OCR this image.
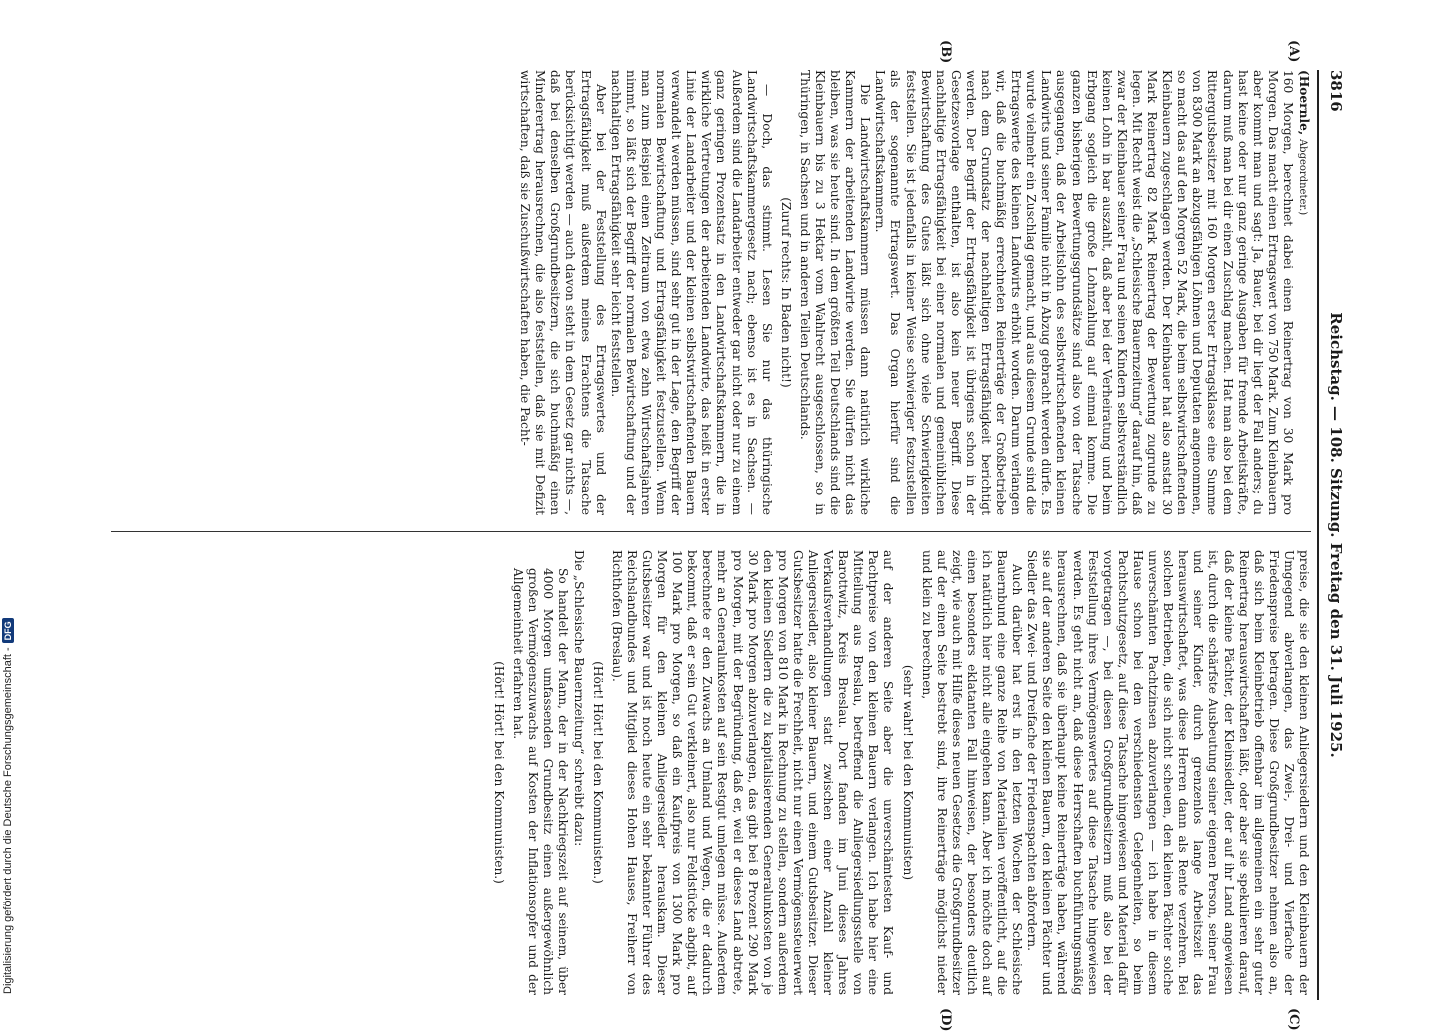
3816
Reichstag. — 108. Sitzung. Freitag den 31. Juli 1925.
(A)
(B)
(C)
(D)

(Hoernle, Abgeordneter.)

160 Morgen, berechnet dabei einen Reinertrag von 30 Mark pro Morgen. Das macht einen Ertragswert von 750 Mark. Zum Kleinbauern aber kommt man und sagt: Ja, Bauer, bei dir liegt der Fall anders; du hast keine oder nur ganz geringe Ausgaben für fremde Arbeitskräfte, darum muß man bei dir einen Zuschlag machen. Hat man also bei dem Rittergutsbesitzer mit 160 Morgen erster Ertragsklasse eine Summe von 8300 Mark an abzugsfähigen Löhnen und Deputaten angenommen, so macht das auf den Morgen 52 Mark, die beim selbstwirtschaftenden Kleinbauern zugeschlagen werden. Der Kleinbauer hat also anstatt 30 Mark Reinertrag 82 Mark Reinertrag der Bewertung zugrunde zu legen. Mit Recht weist die „Schlesische Bauernzeitung“ darauf hin, daß zwar der Kleinbauer seiner Frau und seinen Kindern selbstverständlich keinen Lohn in bar auszahlt, daß aber bei der Verheiratung und beim Erbgang sogleich die große Lohnzahlung auf einmal komme. Die ganzen bisherigen Bewertungsgrundsätze sind also von der Tatsache ausgegangen, daß der Arbeitslohn des selbstwirtschaftenden kleinen Landwirts und seiner Familie nicht in Abzug gebracht werden dürfe. Es wurde vielmehr ein Zuschlag gemacht, und aus diesem Grunde sind die Ertragswerte des kleinen Landwirts erhöht worden. Darum verlangen wir, daß die buchmäßig errechneten Reinerträge der Großbetriebe nach dem Grundsatz der nachhaltigen Ertragsfähigkeit berichtigt werden. Der Begriff der Ertragsfähigkeit ist übrigens schon in der Gesetzesvorlage enthalten, ist also kein neuer Begriff. Diese nachhaltige Ertragsfähigkeit bei einer normalen und gemeinüblichen Bewirtschaftung des Gutes läßt sich ohne viele Schwierigkeiten feststellen. Sie ist jedenfalls in keiner Weise schwieriger festzustellen als der sogenannte Ertragswert. Das Organ hierfür sind die Landwirtschaftskammern.

Die Landwirtschaftskammern müssen dann natürlich wirkliche Kammern der arbeitenden Landwirte werden. Sie dürfen nicht das bleiben, was sie heute sind. In dem größten Teil Deutschlands sind die Kleinbauern bis zu 3 Hektar vom Wahlrecht ausgeschlossen, so in Thüringen, in Sachsen und in anderen Teilen Deutschlands.

(Zuruf rechts: In Baden nicht!)

— Doch, das stimmt. Lesen Sie nur das thüringische Landwirtschaftskammergesetz nach; ebenso ist es in Sachsen. — Außerdem sind die Landarbeiter entweder gar nicht oder nur zu einem ganz geringen Prozentsatz in den Landwirtschaftskammern, die in wirkliche Vertretungen der arbeitenden Landwirte, das heißt in erster Linie der Landarbeiter und der kleinen selbstwirtschaftenden Bauern verwandelt werden müssen, sind sehr gut in der Lage, den Begriff der normalen Bewirtschaftung und Ertragsfähigkeit festzustellen. Wenn man zum Beispiel einen Zeitraum von etwa zehn Wirtschaftsjahren nimmt, so läßt sich der Begriff der normalen Bewirtschaftung und der nachhaltigen Ertragsfähigkeit sehr leicht feststellen.

Aber bei der Feststellung des Ertragswertes und der Ertragsfähigkeit muß außerdem meines Erachtens die Tatsache berücksichtigt werden — auch davon steht in dem Gesetz gar nichts —, daß bei denselben Großgrundbesitzern, die sich buchmäßig einen Minderertrag herausrechnen, die also feststellen, daß sie mit Defizit wirtschaften, daß sie Zuschußwirtschaften haben, die Pacht-

preise, die sie den kleinen Anliegersiedlern und den Kleinbauern der Umgegend abverlangen, das Zwei-, Drei- und Vierfache der Friedenspreise betragen. Diese Großgrundbesitzer nehmen also an, daß sich beim Kleinbetrieb offenbar im allgemeinen ein sehr guter Reinertrag herauswirtschaften läßt, oder aber sie spekulieren darauf, daß der kleine Pächter, der Kleinsiedler, der auf ihr Land angewiesen ist, durch die schärfste Ausbeutung seiner eigenen Person, seiner Frau und seiner Kinder, durch grenzenlos lange Arbeitszeit das herauswirtschaftet, was diese Herren dann als Rente verzehren. Bei solchen Betrieben, die sich nicht scheuen, den kleinen Pächter solche unverschämten Pachtzinsen abzuverlangen — ich habe in diesem Hause schon bei den verschiedensten Gelegenheiten, so beim Pachtschutzgesetz, auf diese Tatsache hingewiesen und Material dafür vorgetragen —, bei diesen Großgrundbesitzern muß also bei der Feststellung ihres Vermögenswertes auf diese Tatsache hingewiesen werden. Es geht nicht an, daß diese Herrschaften buchführungsmäßig herausrechnen, daß sie überhaupt keine Reinerträge haben, während sie auf der anderen Seite den kleinen Bauern, den kleinen Pächter und Siedler das Zwei- und Dreifache der Friedenspachten abfordern.

Auch darüber hat erst in den letzten Wochen der Schlesische Bauernbund eine ganze Reihe von Materialien veröffentlicht, auf die ich natürlich hier nicht alle eingehen kann. Aber ich möchte doch auf einen besonders eklatanten Fall hinweisen, der besonders deutlich zeigt, wie auch mit Hilfe dieses neuen Gesetzes die Großgrundbesitzer auf der einen Seite bestrebt sind, ihre Reinerträge möglichst nieder und klein zu berechnen,

(sehr wahr! bei den Kommunisten)

auf der anderen Seite aber die unverschämtesten Kauf- und Pachtpreise von den kleinen Bauern verlangen. Ich habe hier eine Mitteilung aus Breslau, betreffend die Anliegersiedlungsstelle von Barottwitz, Kreis Breslau. Dort fanden im Juni dieses Jahres Verkaufsverhandlungen statt zwischen einer Anzahl kleiner Anliegersiedler, also kleiner Bauern, und einem Gutsbesitzer. Dieser Gutsbesitzer hatte die Frechheit, nicht nur einen Vermögenssteuerwert pro Morgen von 810 Mark in Rechnung zu stellen, sondern außerdem den kleinen Siedlern die zu kapitalisierenden Generalunkosten von je 30 Mark pro Morgen abzuverlangen, das gibt bei 8 Prozent 290 Mark pro Morgen, mit der Begründung, daß er, weil er dieses Land abtrete, mehr an Generalunkosten auf sein Restgut umlegen müsse. Außerdem berechnete er den Zuwachs an Umland und Wegen, die er dadurch bekommt, daß er sein Gut verkleinert, also nur Feldstücke abgibt, auf 100 Mark pro Morgen, so daß ein Kaufpreis von 1300 Mark pro Morgen für den kleinen Anliegersiedler herauskam. Dieser Gutsbesitzer war und ist noch heute ein sehr bekannter Führer des Reichslandbundes und Mitglied dieses Hohen Hauses, Freiherr von Richthofen (Breslau).

(Hört! Hört! bei den Kommunisten.)

Die „Schlesische Bauernzeitung“ schreibt dazu:

So handelt der Mann, der in der Nachkriegszeit auf seinem, über 4000 Morgen umfassenden Grundbesitz einen außergewöhnlich großen Vermögenszuwachs auf Kosten der Inflationsopfer und der Allgemeinheit erfahren hat.

(Hört! Hört! bei den Kommunisten.)

Digitalisierung gefördert durch die Deutsche Forschungsgemeinschaft -
DFG
